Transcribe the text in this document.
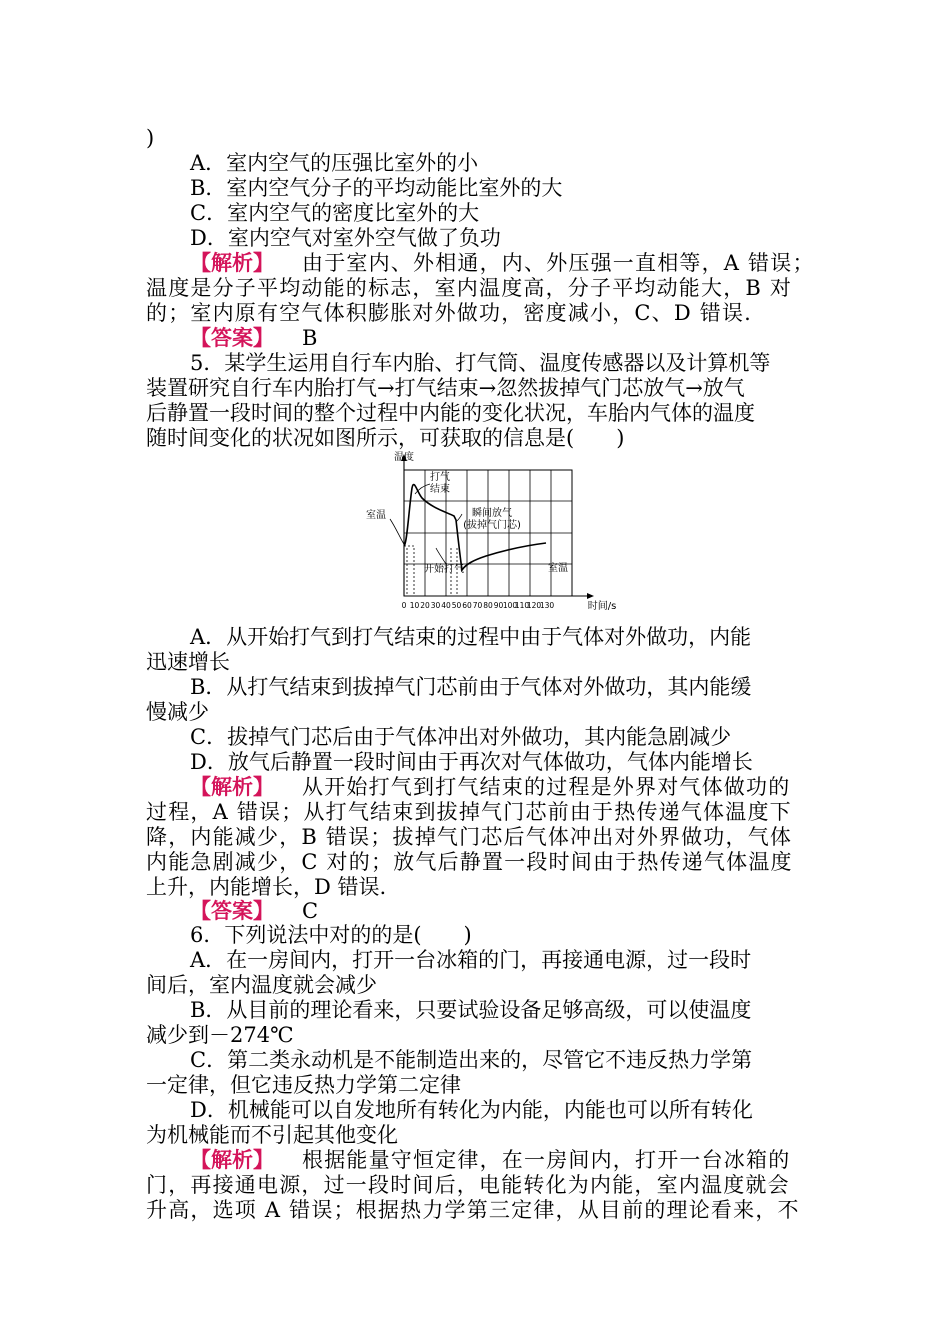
)
A．室内空气的压强比室外的小
B．室内空气分子的平均动能比室外的大
C．室内空气的密度比室外的大
D．室内空气对室外空气做了负功
【解析】 由于室内、外相通，内、外压强一直相等，A 错误；
温度是分子平均动能的标志，室内温度高，分子平均动能大，B 对
的；室内原有空气体积膨胀对外做功，密度减小，C、D 错误.
【答案】 B
5．某学生运用自行车内胎、打气筒、温度传感器以及计算机等
装置研究自行车内胎打气→打气结束→忽然拔掉气门芯放气→放气
后静置一段时间的整个过程中内能的变化状况，车胎内气体的温度
随时间变化的状况如图所示，可获取的信息是(　　)
温度
时间/s
室温
室温
打气
结束
瞬间放气
(拔掉气门芯)
开始打气
0 10 20 30 40 50 60 70 80 90 100
110
120
130
A．从开始打气到打气结束的过程中由于气体对外做功，内能
迅速增长
B．从打气结束到拔掉气门芯前由于气体对外做功，其内能缓
慢减少
C．拔掉气门芯后由于气体冲出对外做功，其内能急剧减少
D．放气后静置一段时间由于再次对气体做功，气体内能增长
【解析】 从开始打气到打气结束的过程是外界对气体做功的
过程，A 错误；从打气结束到拔掉气门芯前由于热传递气体温度下
降，内能减少，B 错误；拔掉气门芯后气体冲出对外界做功，气体
内能急剧减少，C 对的；放气后静置一段时间由于热传递气体温度
上升，内能增长，D 错误.
【答案】 C
6．下列说法中对的的是(　　)
A．在一房间内，打开一台冰箱的门，再接通电源，过一段时
间后，室内温度就会减少
B．从目前的理论看来，只要试验设备足够高级，可以使温度
减少到－274℃
C．第二类永动机是不能制造出来的，尽管它不违反热力学第
一定律，但它违反热力学第二定律
D．机械能可以自发地所有转化为内能，内能也可以所有转化
为机械能而不引起其他变化
【解析】 根据能量守恒定律，在一房间内，打开一台冰箱的
门，再接通电源，过一段时间后，电能转化为内能，室内温度就会
升高，选项 A 错误；根据热力学第三定律，从目前的理论看来，不
